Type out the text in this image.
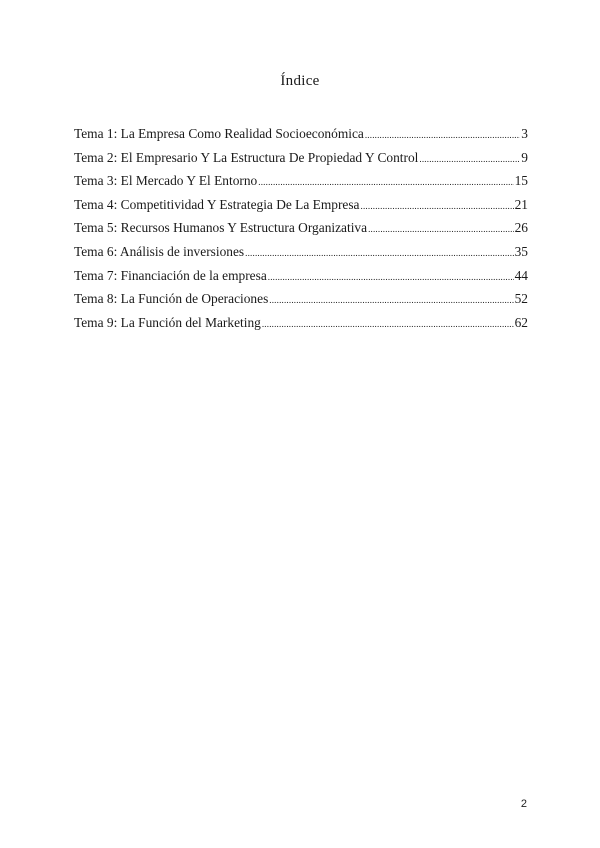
Índice
Tema 1: La Empresa Como Realidad Socioeconómica .....	3
Tema 2: El Empresario Y La Estructura De Propiedad Y Control .....	9
Tema 3: El Mercado Y El Entorno .....	15
Tema 4: Competitividad Y Estrategia De La Empresa .....	21
Tema 5: Recursos Humanos Y Estructura Organizativa .....	26
Tema 6: Análisis de inversiones .....	35
Tema 7: Financiación de la empresa .....	44
Tema 8: La Función de Operaciones .....	52
Tema 9: La Función del Marketing .....	62
2
